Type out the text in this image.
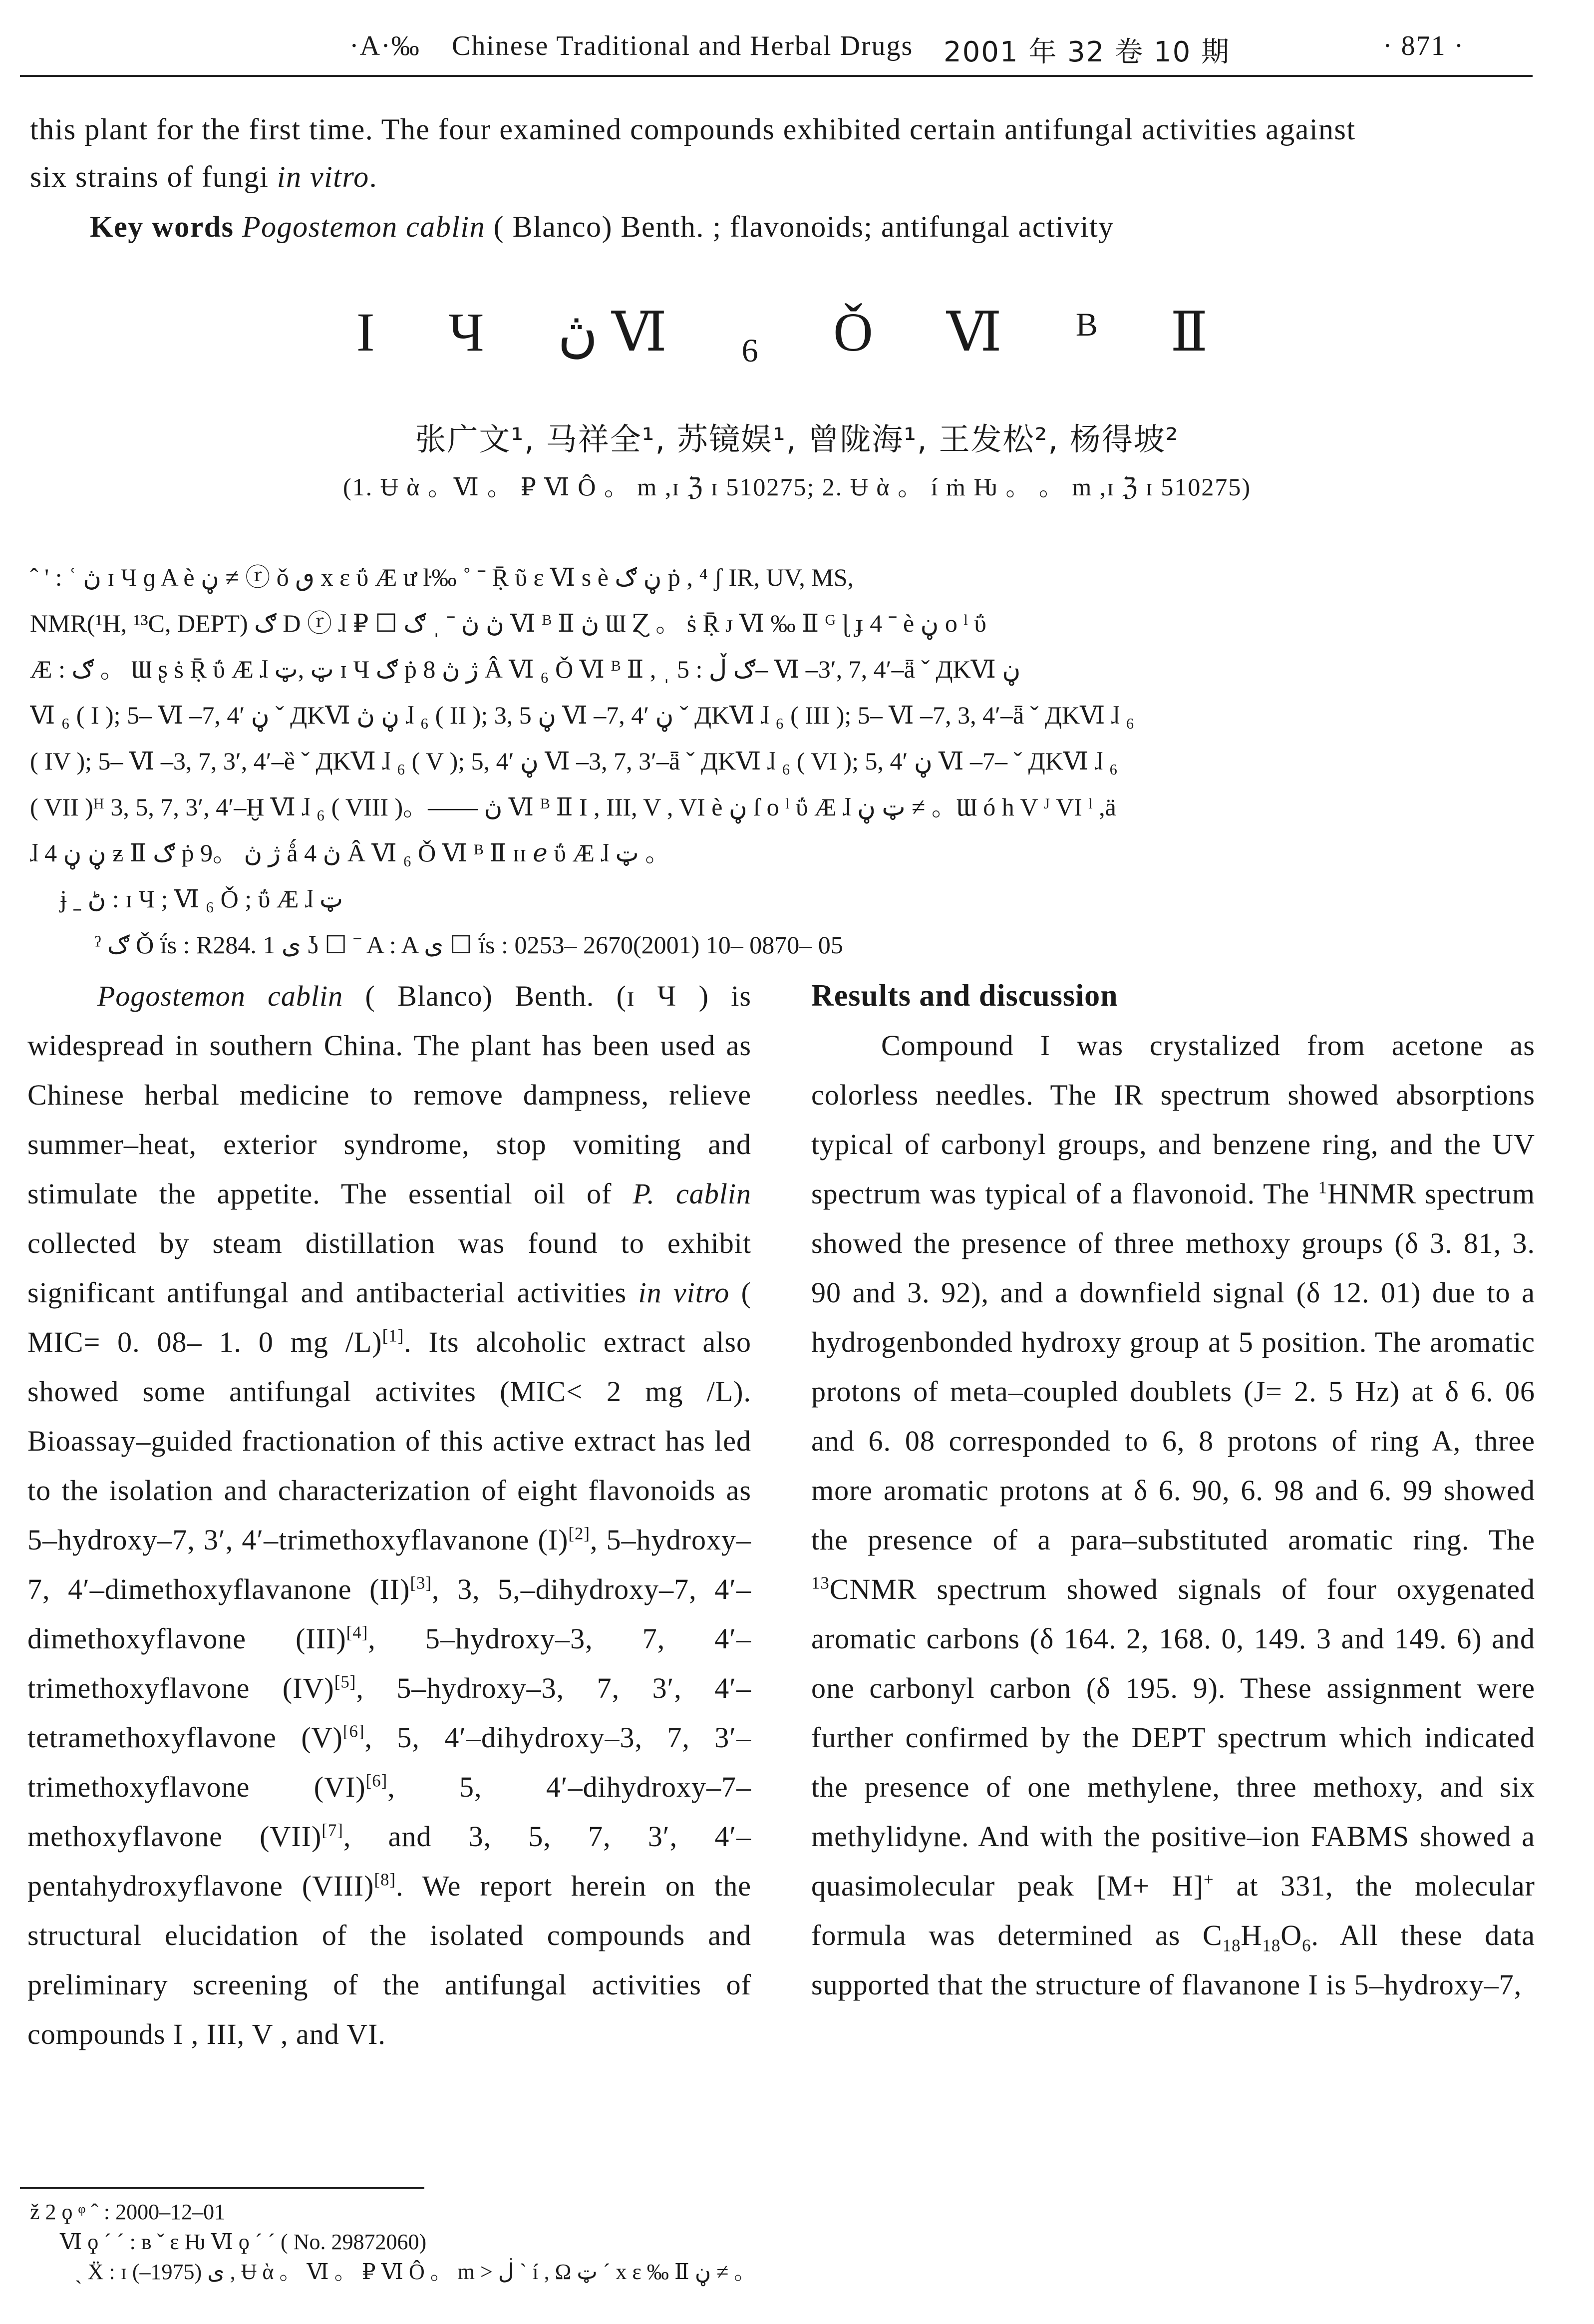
·A·‰ Chinese Traditional and Herbal Drugs 2001 年 32 卷 10 期	· 871 ·
this plant for the first time. The four examined compounds exhibited certain antifungal activities against
six strains of fungi in vitro.
Key words Pogostemon cablin ( Blanco) Benth. ; flavonoids; antifungal activity
I Ч ڽ Ⅵ ₆ Ǒ Ⅵ ᴮ Ⅱ
张广文¹, 马祥全¹, 苏镜娱¹, 曾陇海¹, 王发松², 杨得坡²
(1. Ʉ ὰ 。Ⅵ 。 ₽ Ⅵ Ô 。 m ,ɪ ℨ ɪ 510275; 2. Ʉ ὰ 。 í ṁ Ƕ 。 。 m ,ɪ ℨ ɪ 510275)

ˆ ' : ʿ ڽ ɪ Ч ɡ A è ڼ ≠ ⓡ ǒ ٯ x ε ΰ Æ ư ŀ‰ ˚ ˉ Ṝ ῦ ɛ Ⅵ s è ڼ ګ ṗ , ⁴ ʃ IR, UV, MS,

NMR(¹H, ¹³C, DEPT) ګ D ⓡ ɺ ₽ ☐ ڽ ڽ ˉ ˌ ګ Ⅵ ᴮ Ⅱ ڽ Ɯ Ɀ 。 ṡ Ṝ ᴊ Ⅵ ‰ Ⅱ ᴳ ɭ ɟ 4 ˉ è ڼ o ˡ ΰ

Æ : ګ 。 Ɯ ʂ ṡ Ṝ ΰ Æ ɺ ټ ,ټ ɪ Ч ګ ṗ ژ ڽ 8 Â Ⅵ ₆ Ǒ Ⅵ ᴮ Ⅱ , ˌ ګ ڵ : 5– Ⅵ –3′, 7, 4′–ǟ ˇ ДKⅥ ڼ

Ⅵ ₆ ( I ); 5– Ⅵ –7, 4′ ڼ ˇ ДKⅥ ڼ ڽ ɺ ₆ ( II ); 3, 5 ڼ Ⅵ –7, 4′ ڼ ˇ ДKⅥ ɺ ₆ ( III ); 5– Ⅵ –7, 3, 4′–ǟ ˇ ДKⅥ ɺ ₆

( IV ); 5– Ⅵ –3, 7, 3′, 4′–ȅ ˇ ДKⅥ ɺ ₆ ( V ); 5, 4′ ڼ Ⅵ –3, 7, 3′–ǟ ˇ ДKⅥ ɺ ₆ ( VI ); 5, 4′ ڼ Ⅵ –7– ˇ ДKⅥ ɺ ₆

( VII )ᴴ 3, 5, 7, 3′, 4′–Ḫ Ⅵ ɺ ₆ ( VIII )。—— ڽ Ⅵ ᴮ Ⅱ I , III, V , VI è ڼ ſ o ˡ ΰ Æ ɺ ټ ڼ ≠ 。Ɯ ó h V ᴶ VI ˡ ,ä

ɺ 4 ڼ ڼ ƶ Ⅱ ګ ṗ ژ ڽ 。9 ǻ ڽ 4 Â Ⅵ ₆ Ǒ Ⅵ ᴮ Ⅱ ɪɪ ℯ ΰ Æ ɺ ټ 。

ɉ ˍ ڻ : ɪ Ч ; Ⅵ ₆ Ǒ ; ΰ Æ ɺ ټ

ˀ ګ Ǒ ḯs : R284. 1 ى ʖ ☐ ˉ A : A ى ☐ ḯs : 0253– 2670(2001) 10– 0870– 05

Pogostemon cablin ( Blanco) Benth. (ɪ Ч ) is widespread in southern China. The plant has been used as Chinese herbal medicine to remove dampness, relieve summer–heat, exterior syndrome, stop vomiting and stimulate the appetite. The essential oil of P. cablin collected by steam distillation was found to exhibit significant antifungal and antibacterial activities in vitro ( MIC= 0. 08– 1. 0 mg /L)[1]. Its alcoholic extract also showed some antifungal activites (MIC< 2 mg /L). Bioassay–guided fractionation of this active extract has led to the isolation and characterization of eight flavonoids as 5–hydroxy–7, 3′, 4′–trimethoxyflavanone (I)[2], 5–hydroxy–7, 4′–dimethoxyflavanone (II)[3], 3, 5,–dihydroxy–7, 4′–dimethoxyflavone (III)[4], 5–hydroxy–3, 7, 4′–trimethoxyflavone (IV)[5], 5–hydroxy–3, 7, 3′, 4′–tetramethoxyflavone (V)[6], 5, 4′–dihydroxy–3, 7, 3′–trimethoxyflavone (VI)[6], 5, 4′–dihydroxy–7–methoxyflavone (VII)[7], and 3, 5, 7, 3′, 4′–pentahydroxyflavone (VIII)[8]. We report herein on the structural elucidation of the isolated compounds and preliminary screening of the antifungal activities of compounds I , III, V , and VI.

Results and discussion

Compound I was crystalized from acetone as colorless needles. The IR spectrum showed absorptions typical of carbonyl groups, and benzene ring, and the UV spectrum was typical of a flavonoid. The $^1$HNMR spectrum showed the presence of three methoxy groups (δ 3. 81, 3. 90 and 3. 92), and a downfield signal (δ 12. 01) due to a hydrogenbonded hydroxy group at 5 position. The aromatic protons of meta–coupled doublets (J= 2. 5 Hz) at δ 6. 06 and 6. 08 corresponded to 6, 8 protons of ring A, three more aromatic protons at δ 6. 90, 6. 98 and 6. 99 showed the presence of a para–substituted aromatic ring. The $^{13}$CNMR spectrum showed signals of four oxygenated aromatic carbons (δ 164. 2, 168. 0, 149. 3 and 149. 6) and one carbonyl carbon (δ 195. 9). These assignment were further confirmed by the DEPT spectrum which indicated the presence of one methylene, three methoxy, and six methylidyne. And with the positive–ion FABMS showed a quasimolecular peak [M+ H]+ at 331, the molecular formula was determined as $C_{18}H_{18}O_6$. All these data supported that the structure of flavanone I is 5–hydroxy–7,

ž 2 ϙ ᵠ ˆ : 2000–12–01

Ⅵ ϙ ˊ ˊ : ʙ ˇ ε Ƕ Ⅵ ϙ ˊ ˊ ( No. 29872060)

ˏ Ẍ : ɪ ى (1975–) , Ʉ ὰ 。 Ⅵ 。 ₽ Ⅵ Ô 。 m > ڶ ˋ í , Ω ټ ˊ x ε ‰ Ⅱ ڼ ≠ 。
